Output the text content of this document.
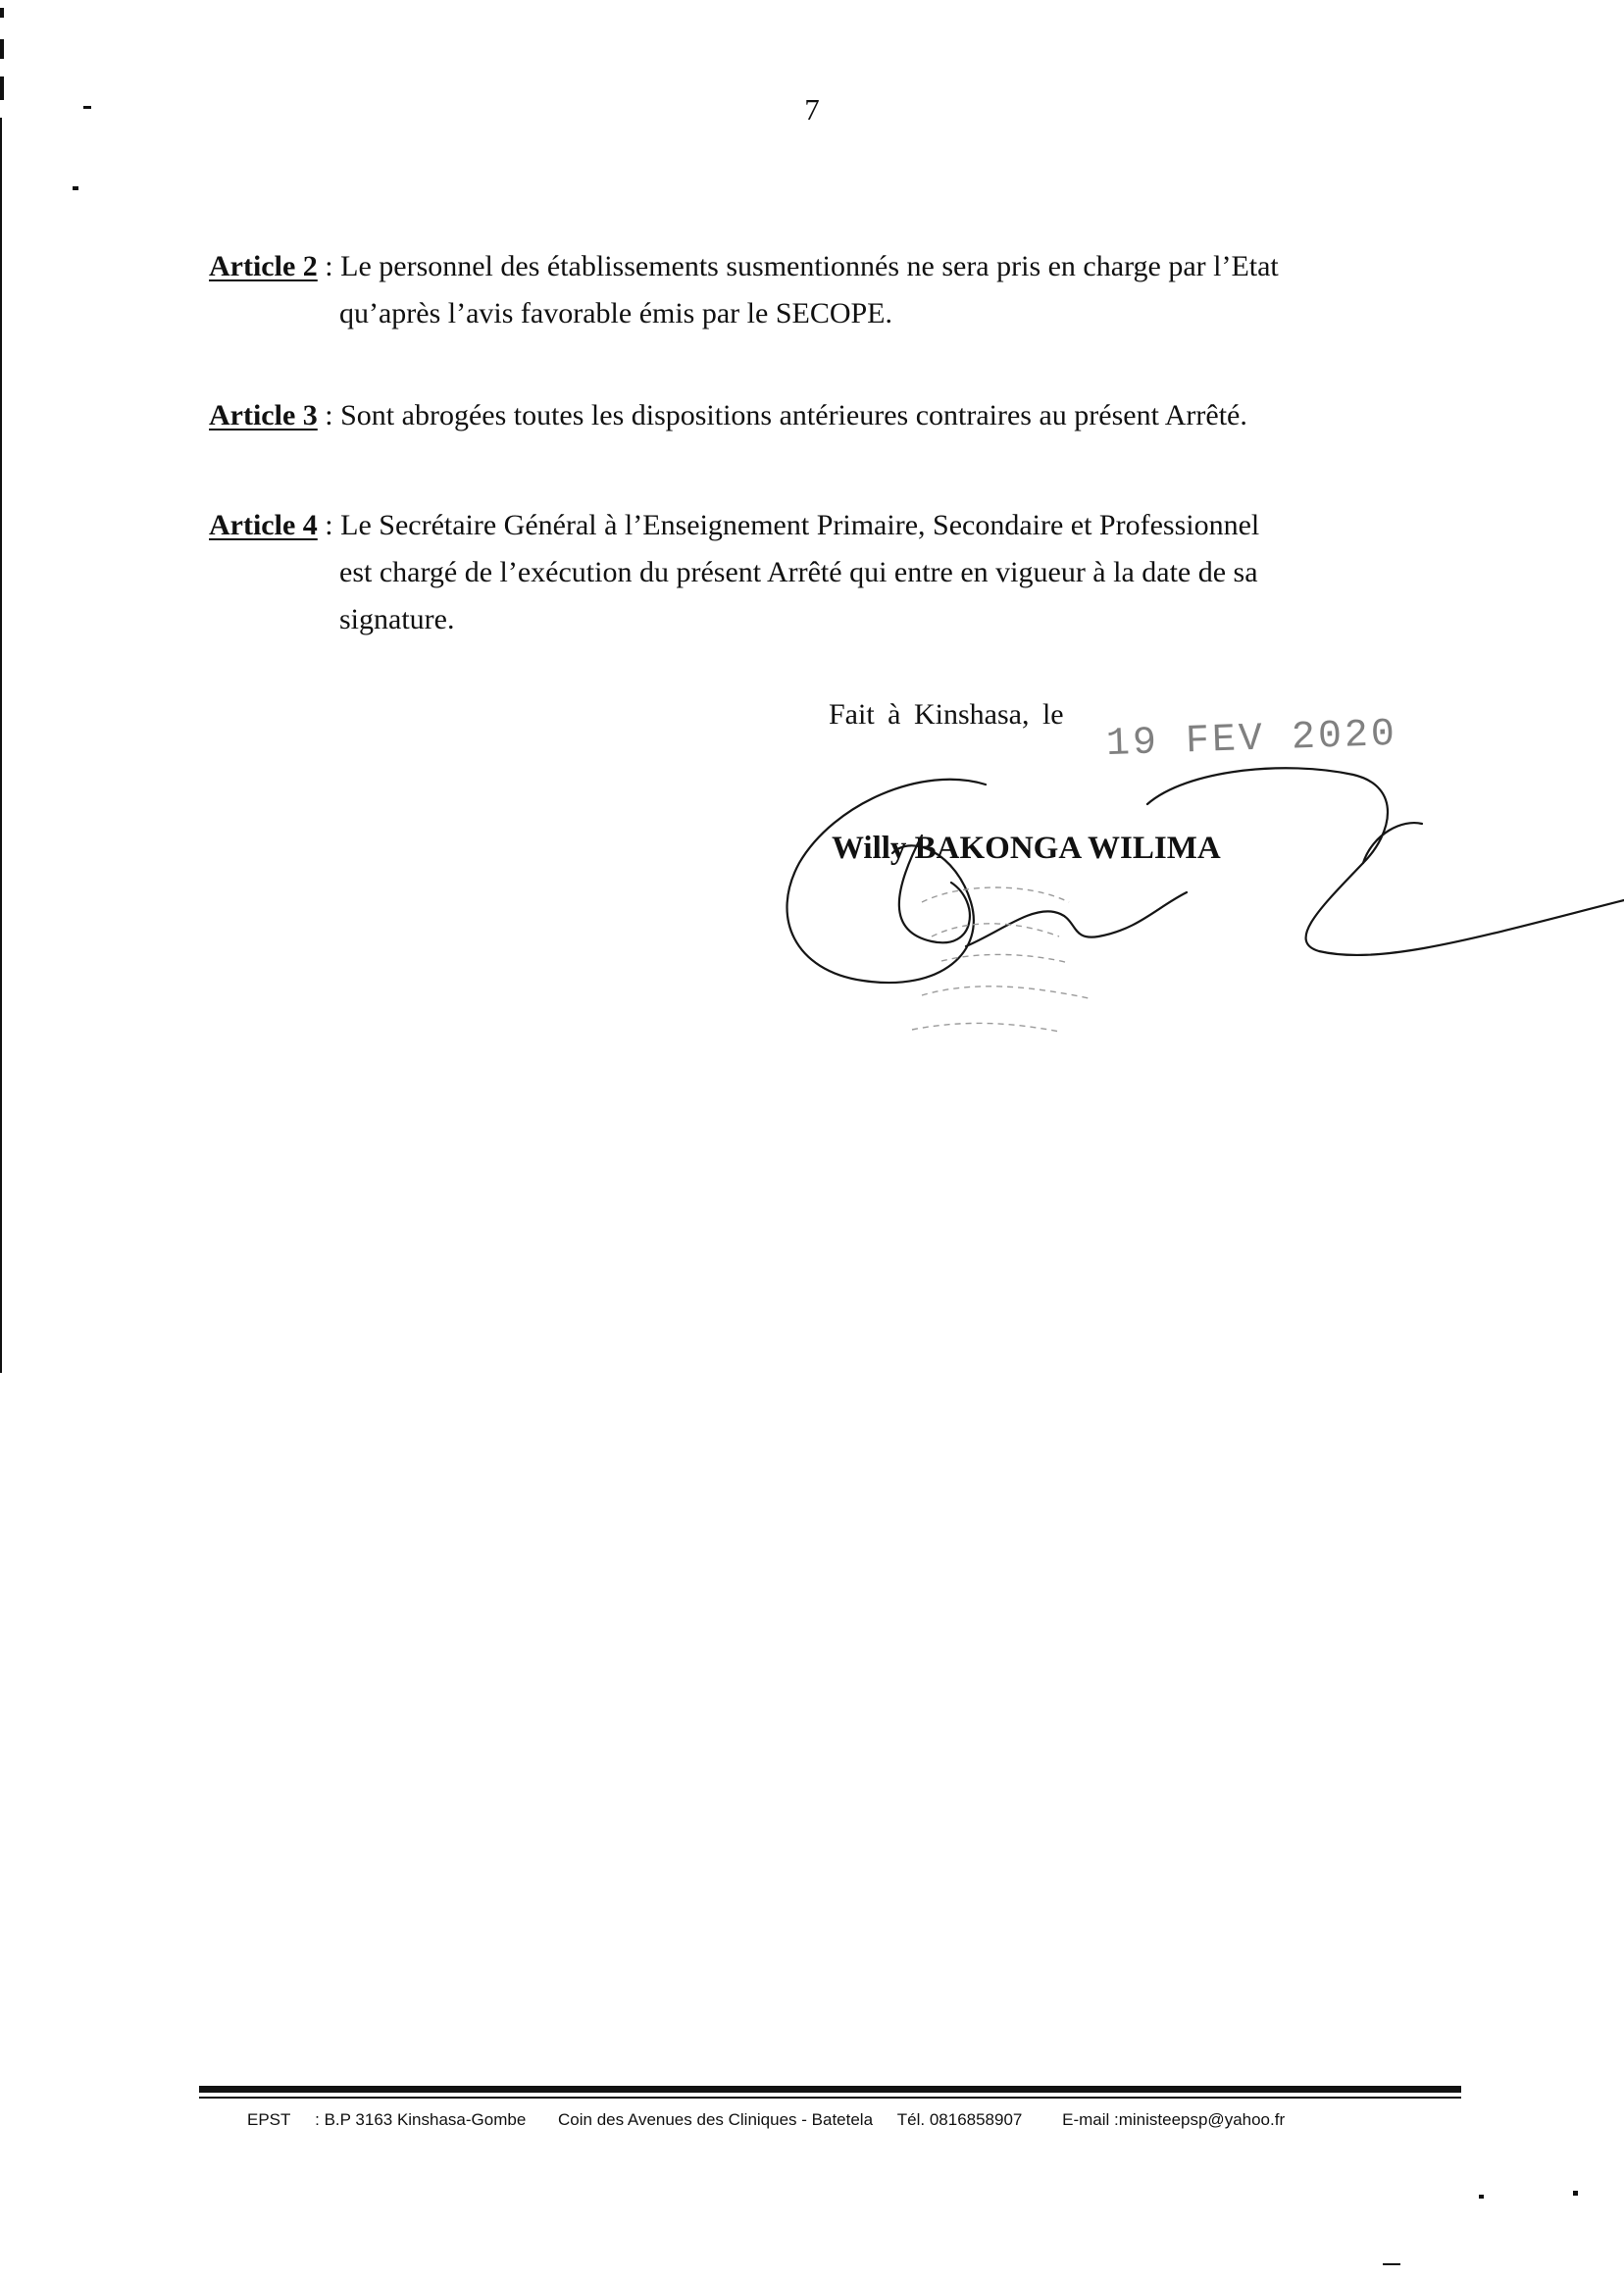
7
Article 2 : Le personnel des établissements susmentionnés ne sera pris en charge par l’Etat
qu’après l’avis favorable émis par le SECOPE.
Article 3 : Sont abrogées toutes les dispositions antérieures contraires au présent Arrêté.
Article 4 : Le Secrétaire Général à l’Enseignement Primaire, Secondaire et Professionnel
est chargé de l’exécution du présent Arrêté qui entre en vigueur à la date de sa
signature.
Fait à Kinshasa, le 19 FEV 2020
Willy BAKONGA WILIMA
EPST : B.P 3163 Kinshasa-Gombe Coin des Avenues des Cliniques - Batetela Tél. 0816858907 E-mail :ministeepsp@yahoo.fr
